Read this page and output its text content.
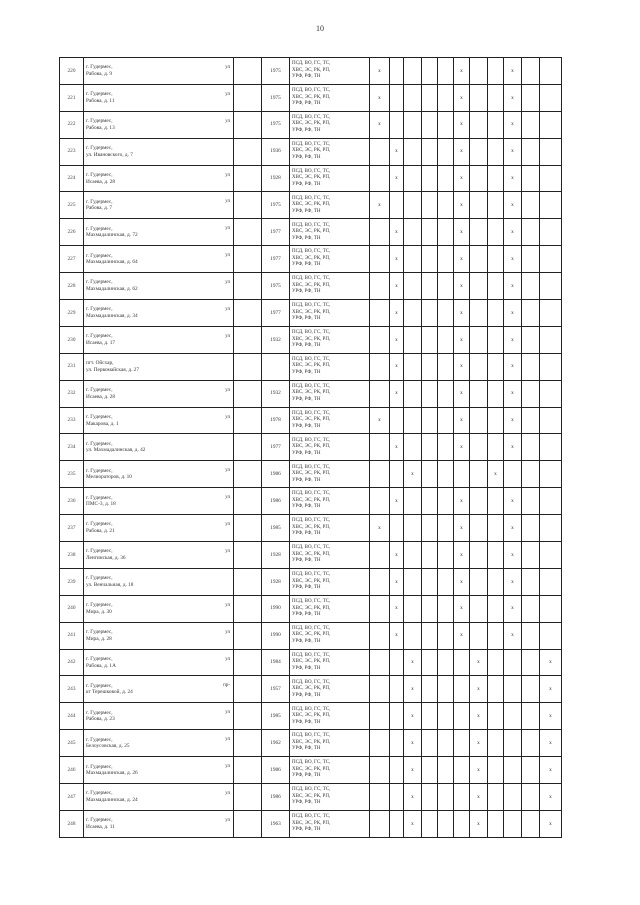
10
220	г. Гудермес,
Рабова, д. 9
ул		1975	ПСД, ВО, ГС, ТС,
ХВС, ЭС, РК, РП,
УРФ, РФ, ТН	x					x			x		
221	г. Гудермес,
Рабова, д. 11
ул		1975	ПСД, ВО, ГС, ТС,
ХВС, ЭС, РК, РП,
УРФ, РФ, ТН	x					x			x		
222	г. Гудермес,
Рабова, д. 13
ул		1975	ПСД, ВО, ГС, ТС,
ХВС, ЭС, РК, РП,
УРФ, РФ, ТН	x					x			x		
223	г. Гудермес,
ул. Ивановского, д. 7		1936	ПСД, ВО, ГС, ТС,
ХВС, ЭС, РК, РП,
УРФ, РФ, ТН		x				x			x		
224	г. Гудермес,
Исаева, д. 28
ул		1928	ПСД, ВО, ГС, ТС,
ХВС, ЭС, РК, РП,
УРФ, РФ, ТН		x				x			x		
225	г. Гудермес,
Рабова, д. 7
ул		1975	ПСД, ВО, ГС, ТС,
ХВС, ЭС, РК, РП,
УРФ, РФ, ТН	x					x			x		
226	г. Гудермес,
Махмадалинская, д. 72
ул		1977	ПСД, ВО, ГС, ТС,
ХВС, ЭС, РК, РП,
УРФ, РФ, ТН		x				x			x		
227	г. Гудермес,
Махмадалинская, д. 64
ул		1977	ПСД, ВО, ГС, ТС,
ХВС, ЭС, РК, РП,
УРФ, РФ, ТН		x				x			x		
228	г. Гудермес,
Махмадалинская, д. 62
ул		1975	ПСД, ВО, ГС, ТС,
ХВС, ЭС, РК, РП,
УРФ, РФ, ТН		x				x			x		
229	г. Гудермес,
Махмадалинская, д. 34
ул		1977	ПСД, ВО, ГС, ТС,
ХВС, ЭС, РК, РП,
УРФ, РФ, ТН		x				x			x		
230	г. Гудермес,
Исаева, д. 17
ул		1932	ПСД, ВО, ГС, ТС,
ХВС, ЭС, РК, РП,
УРФ, РФ, ТН		x				x			x		
231	пгт. Ойсхар,
ул. Первомайская, д. 27			ПСД, ВО, ГС, ТС,
ХВС, ЭС, РК, РП,
УРФ, РФ, ТН		x				x			x		
232	г. Гудермес,
Исаева, д. 28
ул		1932	ПСД, ВО, ГС, ТС,
ХВС, ЭС, РК, РП,
УРФ, РФ, ТН		x				x			x		
233	г. Гудермес,
Макарова, д. 1
ул		1978	ПСД, ВО, ГС, ТС,
ХВС, ЭС, РК, РП,
УРФ, РФ, ТН	x					x			x		
234	г. Гудермес,
ул. Махмадалинская, д. 42		1977	ПСД, ВО, ГС, ТС,
ХВС, ЭС, РК, РП,
УРФ, РФ, ТН		x				x			x		
235	г. Гудермес,
Мелиораторов, д. 10
ул		1986	ПСД, ВО, ГС, ТС,
ХВС, ЭС, РК, РП,
УРФ, РФ, ТН			x					x			
236	г. Гудермес,
ПМС-3, д. 18
ул		1986	ПСД, ВО, ГС, ТС,
ХВС, ЭС, РК, РП,
УРФ, РФ, ТН		x				x			x		
237	г. Гудермес,
Рабова, д. 21
ул		1985	ПСД, ВО, ГС, ТС,
ХВС, ЭС, РК, РП,
УРФ, РФ, ТН	x					x			x		
238	г. Гудермес,
Ленгинская, д. 36
ул		1928	ПСД, ВО, ГС, ТС,
ХВС, ЭС, РК, РП,
УРФ, РФ, ТН		x				x			x		
239	г. Гудермес,
ул. Венчальная, д. 18		1928	ПСД, ВО, ГС, ТС,
ХВС, ЭС, РК, РП,
УРФ, РФ, ТН		x				x			x		
240	г. Гудермес,
Мира, д. 30
ул		1990	ПСД, ВО, ГС, ТС,
ХВС, ЭС, РК, РП,
УРФ, РФ, ТН		x				x			x		
241	г. Гудермес,
Мира, д. 28
ул		1990	ПСД, ВО, ГС, ТС,
ХВС, ЭС, РК, РП,
УРФ, РФ, ТН		x				x			x		
242	г. Гудермес,
Рабова, д. 1А
ул		1984	ПСД, ВО, ГС, ТС,
ХВС, ЭС, РК, РП,
УРФ, РФ, ТН			x				x				x
243	г. Гудермес,
кт Терешковой, д. 24
пр-		1957	ПСД, ВО, ГС, ТС,
ХВС, ЭС, РК, РП,
УРФ, РФ, ТН			x				x				x
244	г. Гудермес,
Рабова, д. 23
ул		1985	ПСД, ВО, ГС, ТС,
ХВС, ЭС, РК, РП,
УРФ, РФ, ТН			x				x				x
245	г. Гудермес,
Белоусовская, д. 25
ул		1962	ПСД, ВО, ГС, ТС,
ХВС, ЭС, РК, РП,
УРФ, РФ, ТН			x				x				x
246	г. Гудермес,
Махмадалинская, д. 26
ул		1986	ПСД, ВО, ГС, ТС,
ХВС, ЭС, РК, РП,
УРФ, РФ, ТН			x				x				x
247	г. Гудермес,
Махмадалинская, д. 24
ул		1986	ПСД, ВО, ГС, ТС,
ХВС, ЭС, РК, РП,
УРФ, РФ, ТН			x				x				x
248	г. Гудермес,
Исаева, д. 11
ул		1963	ПСД, ВО, ГС, ТС,
ХВС, ЭС, РК, РП,
УРФ, РФ, ТН			x				x				x
